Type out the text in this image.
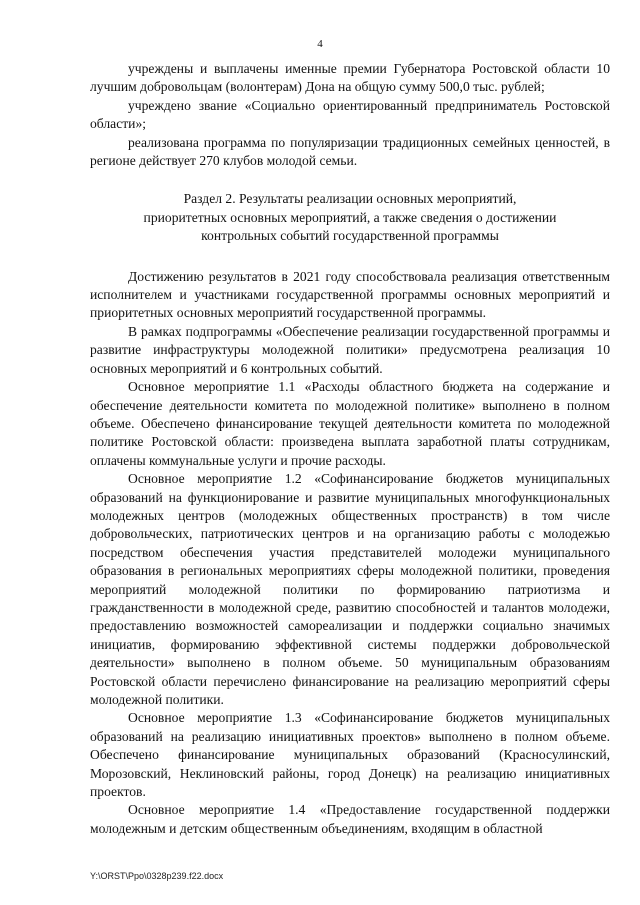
4

учреждены и выплачены именные премии Губернатора Ростовской области 10 лучшим добровольцам (волонтерам) Дона на общую сумму 500,0 тыс. рублей;

учреждено звание «Социально ориентированный предприниматель Ростовской области»;

реализована программа по популяризации традиционных семейных ценностей, в регионе действует 270 клубов молодой семьи.

Раздел 2. Результаты реализации основных мероприятий,
приоритетных основных мероприятий, а также сведения о достижении
контрольных событий государственной программы

Достижению результатов в 2021 году способствовала реализация ответственным исполнителем и участниками государственной программы основных мероприятий и приоритетных основных мероприятий государственной программы.

В рамках подпрограммы «Обеспечение реализации государственной программы и развитие инфраструктуры молодежной политики» предусмотрена реализация 10 основных мероприятий и 6 контрольных событий.

Основное мероприятие 1.1 «Расходы областного бюджета на содержание и обеспечение деятельности комитета по молодежной политике» выполнено в полном объеме. Обеспечено финансирование текущей деятельности комитета по молодежной политике Ростовской области: произведена выплата заработной платы сотрудникам, оплачены коммунальные услуги и прочие расходы.

Основное мероприятие 1.2 «Софинансирование бюджетов муниципальных образований на функционирование и развитие муниципальных многофункциональных молодежных центров (молодежных общественных пространств) в том числе добровольческих, патриотических центров и на организацию работы с молодежью посредством обеспечения участия представителей молодежи муниципального образования в региональных мероприятиях сферы молодежной политики, проведения мероприятий молодежной политики по формированию патриотизма и гражданственности в молодежной среде, развитию способностей и талантов молодежи, предоставлению возможностей самореализации и поддержки социально значимых инициатив, формированию эффективной системы поддержки добровольческой деятельности» выполнено в полном объеме. 50 муниципальным образованиям Ростовской области перечислено финансирование на реализацию мероприятий сферы молодежной политики.

Основное мероприятие 1.3 «Софинансирование бюджетов муниципальных образований на реализацию инициативных проектов» выполнено в полном объеме. Обеспечено финансирование муниципальных образований (Красносулинский, Морозовский, Неклиновский районы, город Донецк) на реализацию инициативных проектов.

Основное мероприятие 1.4 «Предоставление государственной поддержки молодежным и детским общественным объединениям, входящим в областной

Y:\ORST\Ppo\0328p239.f22.docx
